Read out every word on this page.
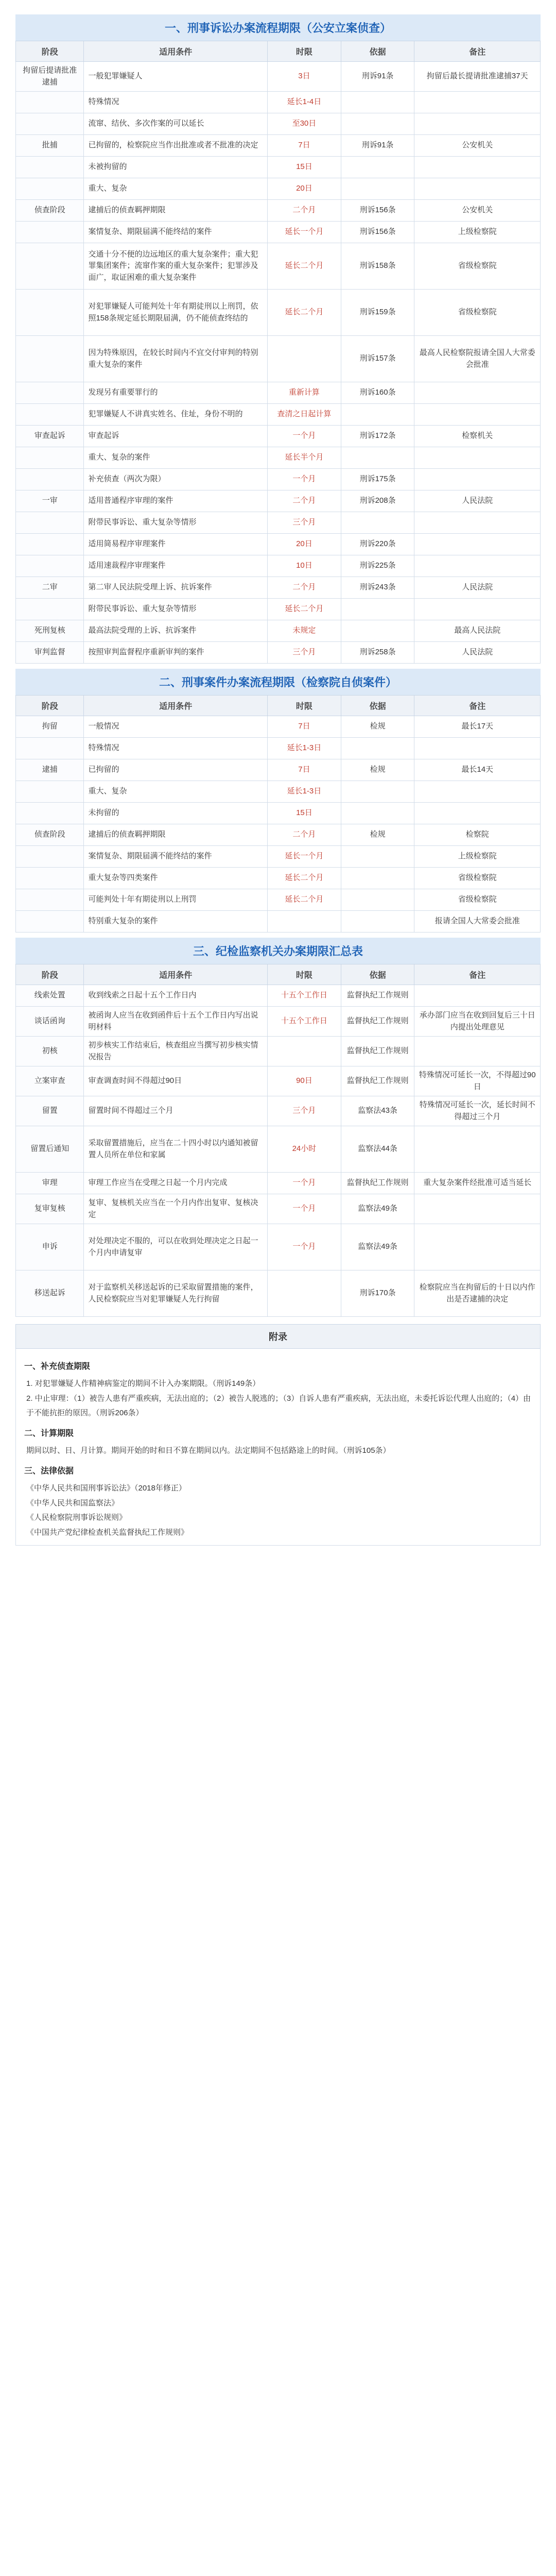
一、刑事诉讼办案流程期限（公安立案侦查）
阶段	适用条件	时限	依据	备注
拘留后提请批准逮捕	一般犯罪嫌疑人	3日	刑诉91条	拘留后最长提请批准逮捕37天
	特殊情况	延长1-4日		
	流窜、结伙、多次作案的可以延长	至30日		
批捕	已拘留的，检察院应当作出批准或者不批准的决定	7日	刑诉91条	公安机关
	未被拘留的	15日		
	重大、复杂	20日		
侦查阶段	逮捕后的侦查羁押期限	二个月	刑诉156条	公安机关
	案情复杂、期限届满不能终结的案件	延长一个月	刑诉156条	上级检察院
	交通十分不便的边远地区的重大复杂案件；重大犯罪集团案件；流窜作案的重大复杂案件；犯罪涉及面广，取证困难的重大复杂案件	延长二个月	刑诉158条	省级检察院
	对犯罪嫌疑人可能判处十年有期徒刑以上刑罚，依照158条规定延长期限届满，仍不能侦查终结的	延长二个月	刑诉159条	省级检察院
	因为特殊原因，在较长时间内不宜交付审判的特别重大复杂的案件		刑诉157条	最高人民检察院报请全国人大常委会批准
	发现另有重要罪行的	重新计算	刑诉160条	
	犯罪嫌疑人不讲真实姓名、住址，身份不明的	查清之日起计算		
审查起诉	审查起诉	一个月	刑诉172条	检察机关
	重大、复杂的案件	延长半个月		
	补充侦查（两次为限）	一个月	刑诉175条	
一审	适用普通程序审理的案件	二个月	刑诉208条	人民法院
	附带民事诉讼、重大复杂等情形	三个月		
	适用简易程序审理案件	20日	刑诉220条	
	适用速裁程序审理案件	10日	刑诉225条	
二审	第二审人民法院受理上诉、抗诉案件	二个月	刑诉243条	人民法院
	附带民事诉讼、重大复杂等情形	延长二个月		
死刑复核	最高法院受理的上诉、抗诉案件	未规定		最高人民法院
审判监督	按照审判监督程序重新审判的案件	三个月	刑诉258条	人民法院
二、刑事案件办案流程期限（检察院自侦案件）
阶段	适用条件	时限	依据	备注
拘留	一般情况	7日	检规	最长17天
	特殊情况	延长1-3日		
逮捕	已拘留的	7日	检规	最长14天
	重大、复杂	延长1-3日		
	未拘留的	15日		
侦查阶段	逮捕后的侦查羁押期限	二个月	检规	检察院
	案情复杂、期限届满不能终结的案件	延长一个月		上级检察院
	重大复杂等四类案件	延长二个月		省级检察院
	可能判处十年有期徒刑以上刑罚	延长二个月		省级检察院
	特别重大复杂的案件			报请全国人大常委会批准
三、纪检监察机关办案期限汇总表
阶段	适用条件	时限	依据	备注
线索处置	收到线索之日起十五个工作日内	十五个工作日	监督执纪工作规则	
谈话函询	被函询人应当在收到函件后十五个工作日内写出说明材料	十五个工作日	监督执纪工作规则	承办部门应当在收到回复后三十日内提出处理意见
初核	初步核实工作结束后，核查组应当撰写初步核实情况报告		监督执纪工作规则	
立案审查	审查调查时间不得超过90日	90日	监督执纪工作规则	特殊情况可延长一次，不得超过90日
留置	留置时间不得超过三个月	三个月	监察法43条	特殊情况可延长一次，延长时间不得超过三个月
留置后通知	采取留置措施后，应当在二十四小时以内通知被留置人员所在单位和家属	24小时	监察法44条	
审理	审理工作应当在受理之日起一个月内完成	一个月	监督执纪工作规则	重大复杂案件经批准可适当延长
复审复核	复审、复核机关应当在一个月内作出复审、复核决定	一个月	监察法49条	
申诉	对处理决定不服的，可以在收到处理决定之日起一个月内申请复审	一个月	监察法49条	
移送起诉	对于监察机关移送起诉的已采取留置措施的案件，人民检察院应当对犯罪嫌疑人先行拘留		刑诉170条	检察院应当在拘留后的十日以内作出是否逮捕的决定
附录
一、补充侦查期限
1. 对犯罪嫌疑人作精神病鉴定的期间不计入办案期限。（刑诉149条）
2. 中止审理：（1）被告人患有严重疾病，无法出庭的；（2）被告人脱逃的；（3）自诉人患有严重疾病，无法出庭，未委托诉讼代理人出庭的；（4）由于不能抗拒的原因。（刑诉206条）
二、计算期限
期间以时、日、月计算。期间开始的时和日不算在期间以内。法定期间不包括路途上的时间。（刑诉105条）
三、法律依据
《中华人民共和国刑事诉讼法》（2018年修正）
《中华人民共和国监察法》
《人民检察院刑事诉讼规则》
《中国共产党纪律检查机关监督执纪工作规则》
